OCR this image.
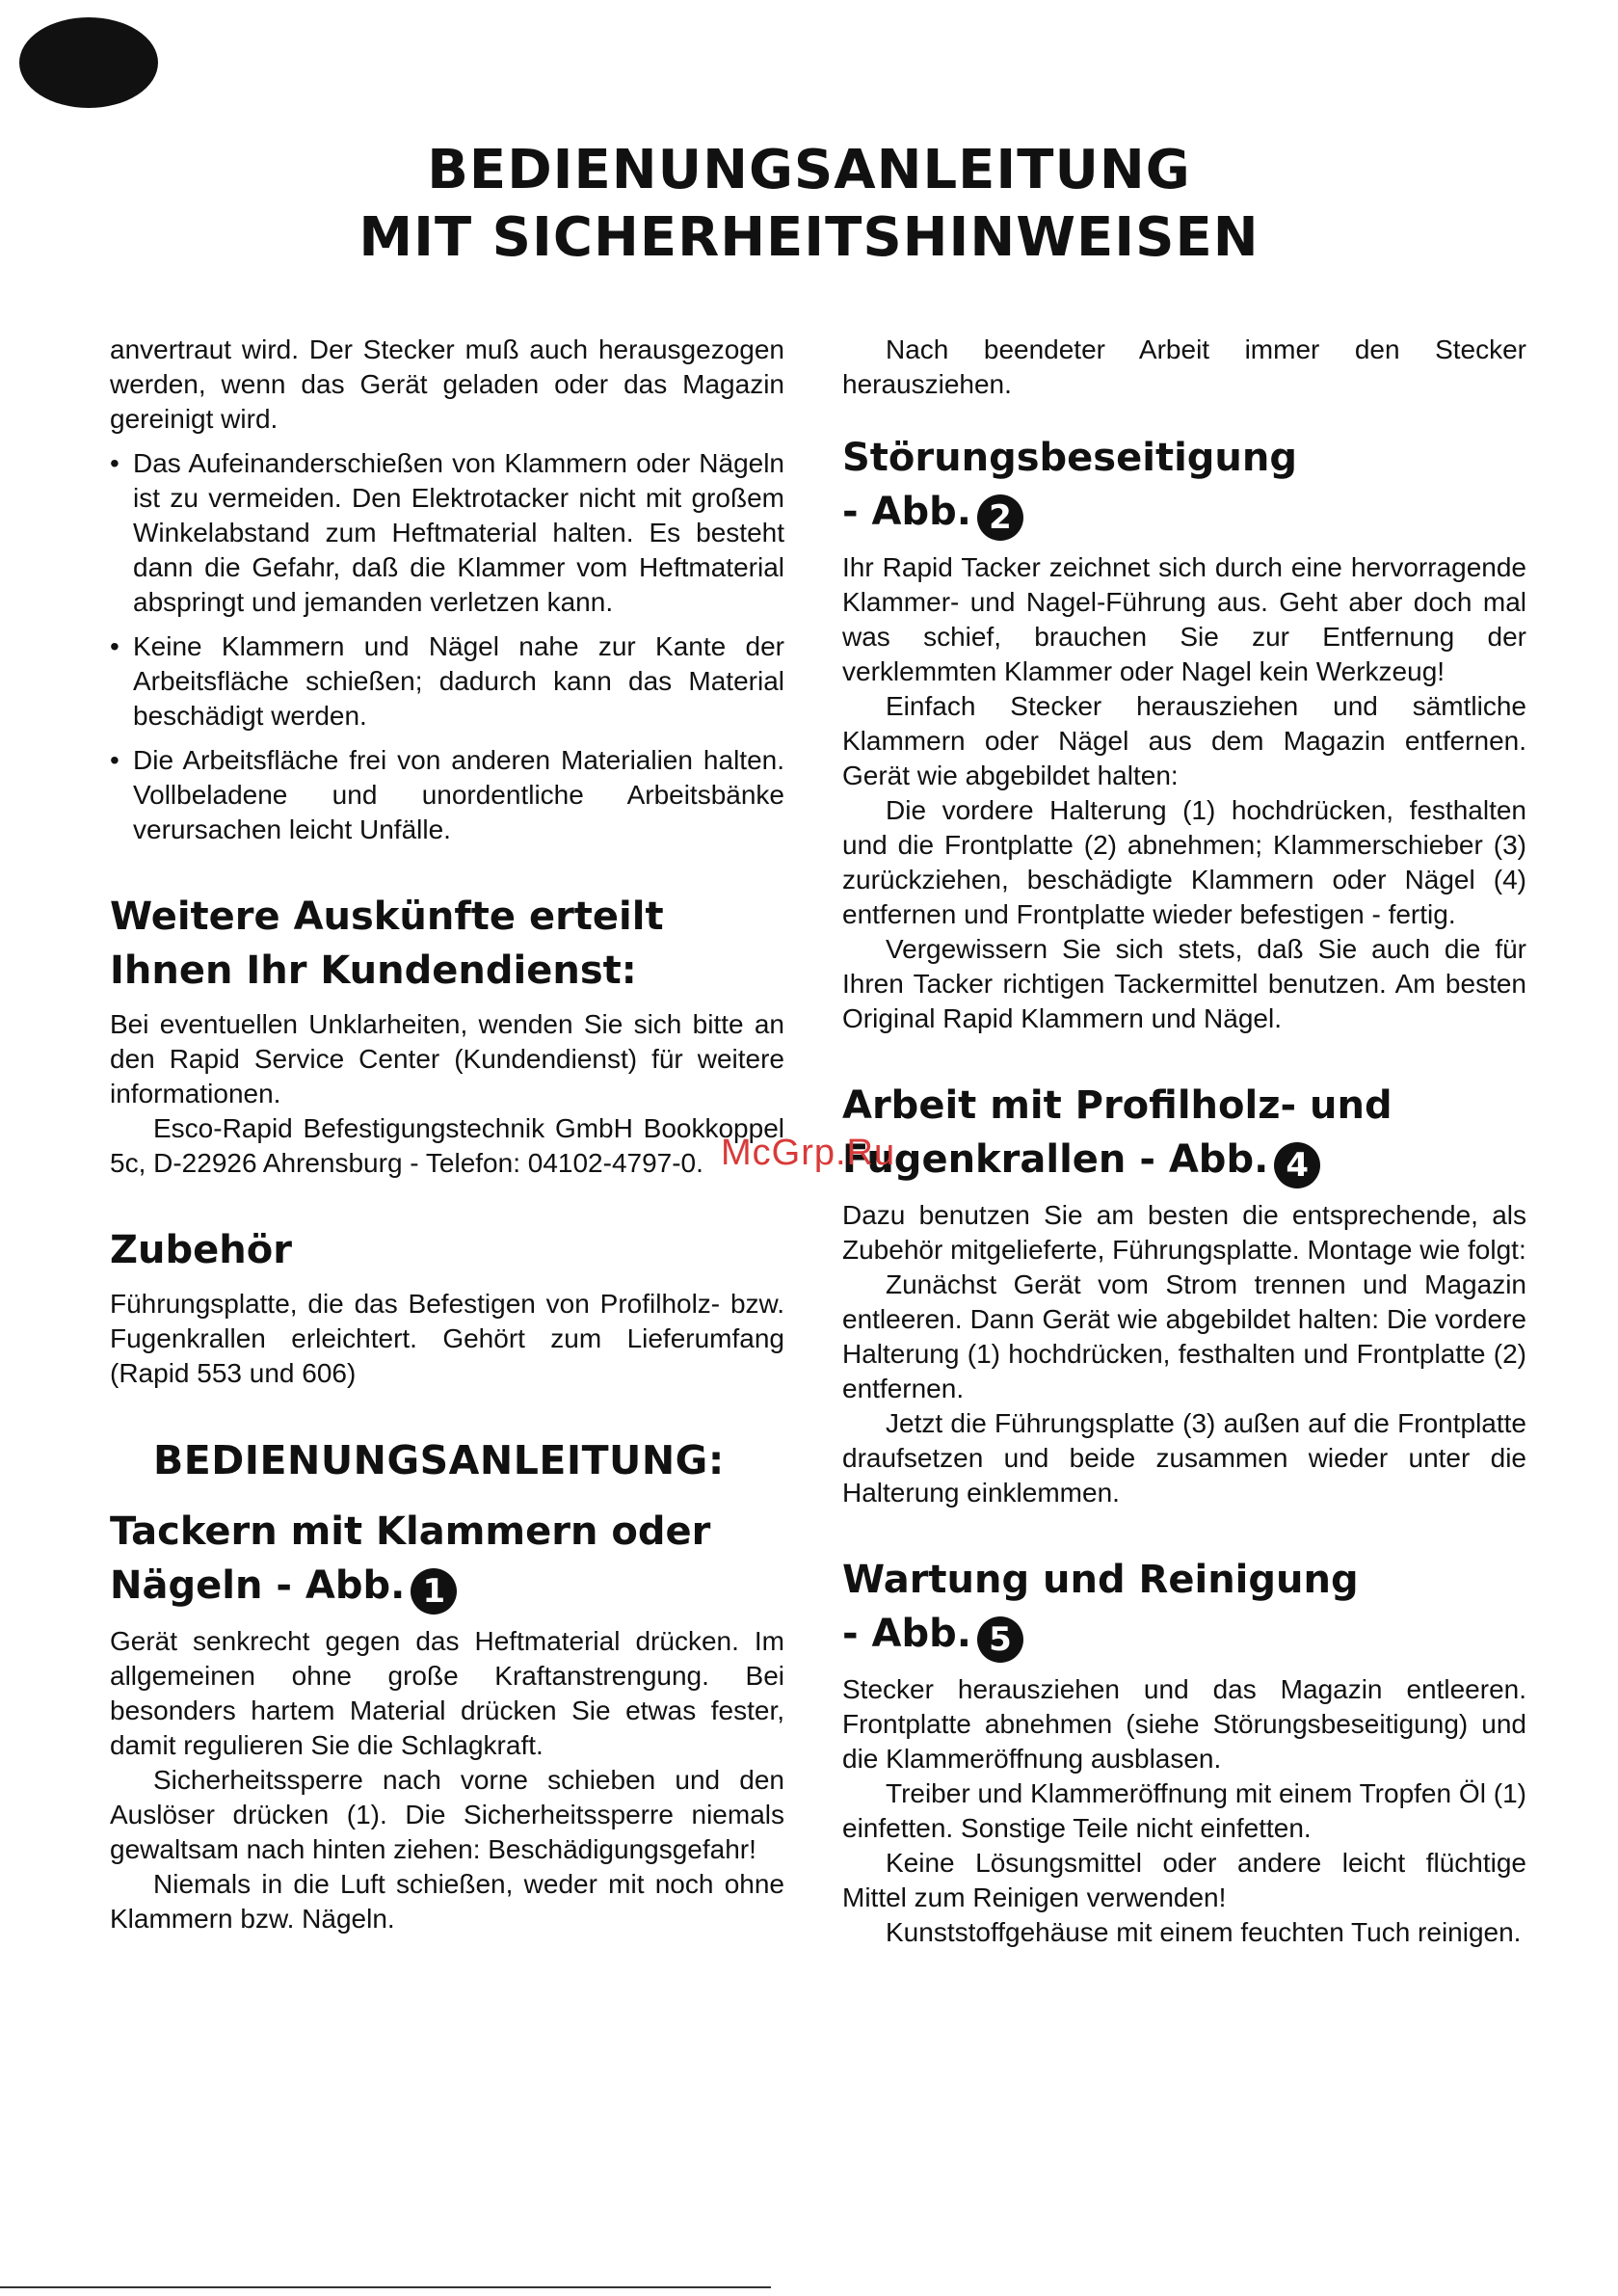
BEDIENUNGSANLEITUNG
MIT SICHERHEITSHINWEISEN

anvertraut wird. Der Stecker muß auch herausgezogen werden, wenn das Gerät geladen oder das Magazin gereinigt wird.

• Das Aufeinanderschießen von Klammern oder Nägeln ist zu vermeiden. Den Elektrotacker nicht mit großem Winkelabstand zum Heftmaterial halten. Es besteht dann die Gefahr, daß die Klammer vom Heftmaterial abspringt und jemanden verletzen kann.
• Keine Klammern und Nägel nahe zur Kante der Arbeitsfläche schießen; dadurch kann das Material beschädigt werden.
• Die Arbeitsfläche frei von anderen Materialien halten. Vollbeladene und unordentliche Arbeitsbänke verursachen leicht Unfälle.
Weitere Auskünfte erteilt
Ihnen Ihr Kundendienst:

Bei eventuellen Unklarheiten, wenden Sie sich bitte an den Rapid Service Center (Kundendienst) für weitere informationen.

Esco-Rapid Befestigungstechnik GmbH Bookkoppel 5c, D-22926 Ahrensburg - Telefon: 04102-4797-0.

Zubehör

Führungsplatte, die das Befestigen von Profilholz- bzw. Fugenkrallen erleichtert. Gehört zum Lieferumfang (Rapid 553 und 606)

BEDIENUNGSANLEITUNG:
Tackern mit Klammern oder
Nägeln - Abb. 1

Gerät senkrecht gegen das Heftmaterial drücken. Im allgemeinen ohne große Kraftanstrengung. Bei besonders hartem Material drücken Sie etwas fester, damit regulieren Sie die Schlagkraft.

Sicherheitssperre nach vorne schieben und den Auslöser drücken (1). Die Sicherheitssperre niemals gewaltsam nach hinten ziehen: Beschädigungsgefahr!

Niemals in die Luft schießen, weder mit noch ohne Klammern bzw. Nägeln.

Nach beendeter Arbeit immer den Stecker herausziehen.

Störungsbeseitigung
- Abb. 2

Ihr Rapid Tacker zeichnet sich durch eine hervorragende Klammer- und Nagel-Führung aus. Geht aber doch mal was schief, brauchen Sie zur Entfernung der verklemmten Klammer oder Nagel kein Werkzeug!

Einfach Stecker herausziehen und sämtliche Klammern oder Nägel aus dem Magazin entfernen. Gerät wie abgebildet halten:

Die vordere Halterung (1) hochdrücken, festhalten und die Frontplatte (2) abnehmen; Klammerschieber (3) zurückziehen, beschädigte Klammern oder Nägel (4) entfernen und Frontplatte wieder befestigen - fertig.

Vergewissern Sie sich stets, daß Sie auch die für Ihren Tacker richtigen Tackermittel benutzen. Am besten Original Rapid Klammern und Nägel.

Arbeit mit Profilholz- und
Fugenkrallen - Abb. 4

Dazu benutzen Sie am besten die entsprechende, als Zubehör mitgelieferte, Führungsplatte. Montage wie folgt:

Zunächst Gerät vom Strom trennen und Magazin entleeren. Dann Gerät wie abgebildet halten: Die vordere Halterung (1) hochdrücken, festhalten und Frontplatte (2) entfernen.

Jetzt die Führungsplatte (3) außen auf die Frontplatte draufsetzen und beide zusammen wieder unter die Halterung einklemmen.

Wartung und Reinigung
- Abb. 5

Stecker herausziehen und das Magazin entleeren. Frontplatte abnehmen (siehe Störungsbeseitigung) und die Klammeröffnung ausblasen.

Treiber und Klammeröffnung mit einem Tropfen Öl (1) einfetten. Sonstige Teile nicht einfetten.

Keine Lösungsmittel oder andere leicht flüchtige Mittel zum Reinigen verwenden!

Kunststoffgehäuse mit einem feuchten Tuch reinigen.

McGrp.Ru
